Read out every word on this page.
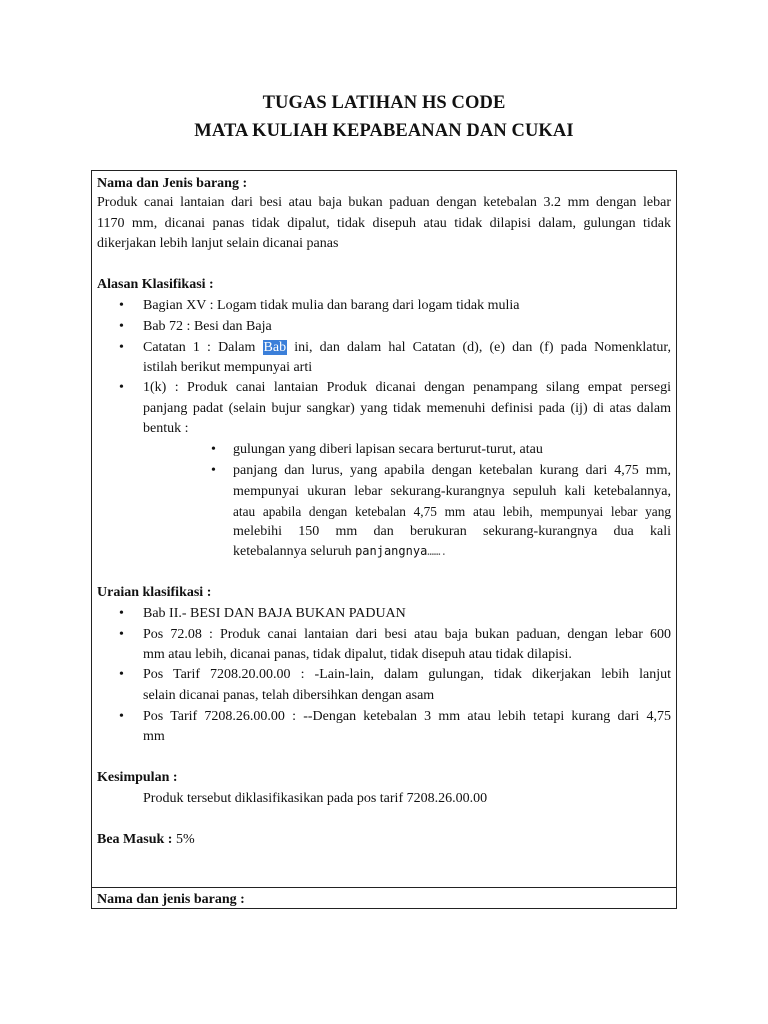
TUGAS LATIHAN HS CODE
MATA KULIAH KEPABEANAN DAN CUKAI
Nama dan Jenis barang :
Produk canai lantaian dari besi atau baja bukan paduan dengan ketebalan 3.2 mm dengan lebar
1170 mm, dicanai panas tidak dipalut, tidak disepuh atau tidak dilapisi dalam, gulungan tidak
dikerjakan lebih lanjut selain dicanai panas
Alasan Klasifikasi :
• Bagian XV : Logam tidak mulia dan barang dari logam tidak mulia
• Bab 72 : Besi dan Baja
• Catatan 1 : Dalam Bab ini, dan dalam hal Catatan (d), (e) dan (f) pada Nomenklatur,
istilah berikut mempunyai arti
• 1(k) : Produk canai lantaian Produk dicanai dengan penampang silang empat persegi
panjang padat (selain bujur sangkar) yang tidak memenuhi definisi pada (ij) di atas dalam
bentuk :
• gulungan yang diberi lapisan secara berturut-turut, atau
• panjang dan lurus, yang apabila dengan ketebalan kurang dari 4,75 mm,
mempunyai ukuran lebar sekurang-kurangnya sepuluh kali ketebalannya,
atau apabila dengan ketebalan 4,75 mm atau lebih, mempunyai lebar yang
melebihi 150 mm dan berukuran sekurang-kurangnya dua kali
ketebalannya seluruh panjangnya…….
Uraian klasifikasi :
• Bab II.- BESI DAN BAJA BUKAN PADUAN
• Pos 72.08 : Produk canai lantaian dari besi atau baja bukan paduan, dengan lebar 600
mm atau lebih, dicanai panas, tidak dipalut, tidak disepuh atau tidak dilapisi.
• Pos Tarif 7208.20.00.00 : -Lain-lain, dalam gulungan, tidak dikerjakan lebih lanjut
selain dicanai panas, telah dibersihkan dengan asam
• Pos Tarif 7208.26.00.00 : --Dengan ketebalan 3 mm atau lebih tetapi kurang dari 4,75
mm
Kesimpulan :
Produk tersebut diklasifikasikan pada pos tarif 7208.26.00.00
Bea Masuk : 5%
Nama dan jenis barang :
